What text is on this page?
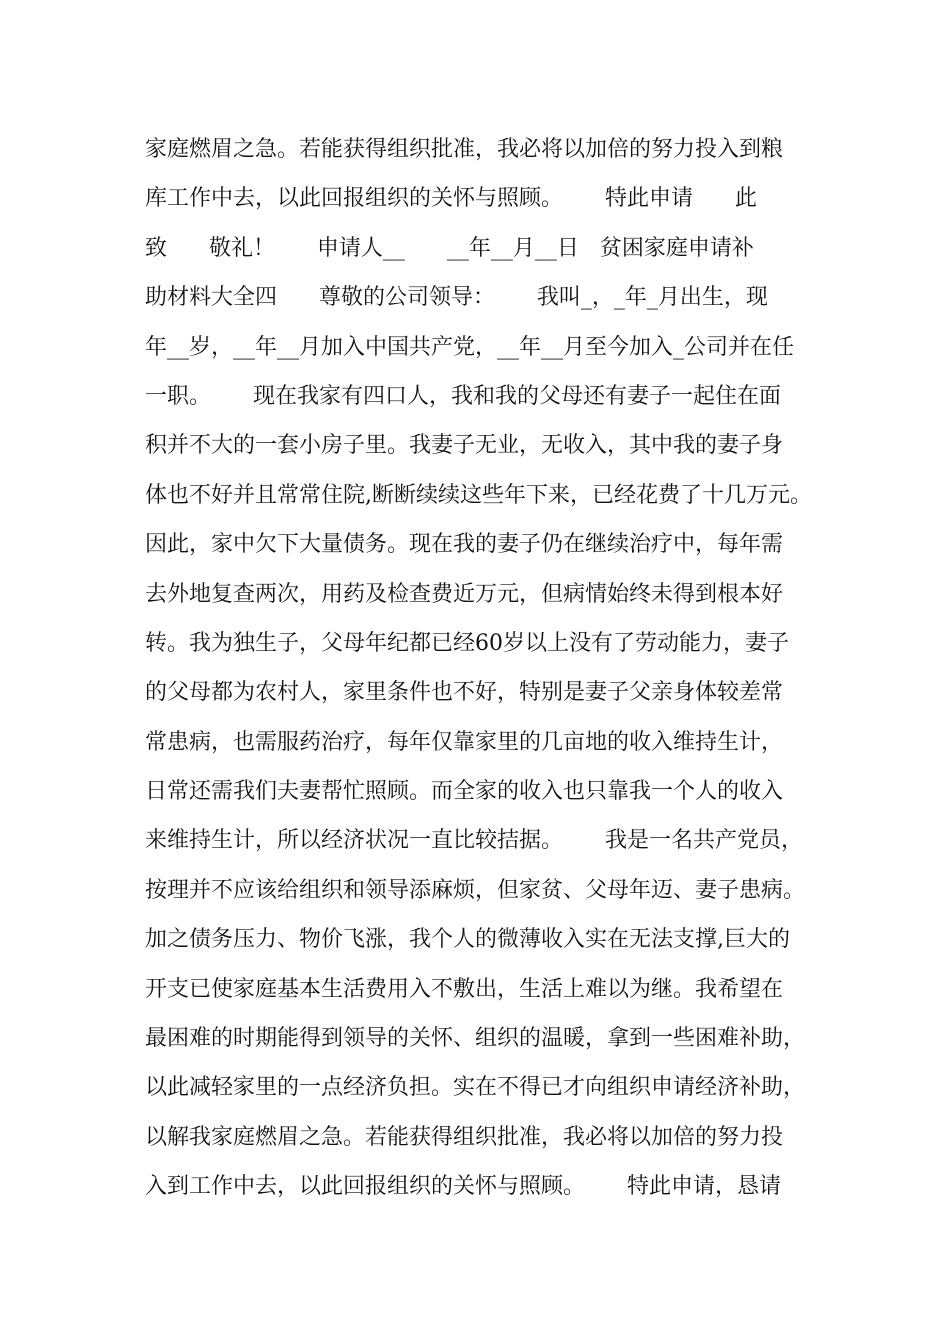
家庭燃眉之急。若能获得组织批准，我必将以加倍的努力投入到粮
库工作中去，以此回报组织的关怀与照顾。      特此申请      此
致      敬礼！      申请人__      __年__月__日   贫困家庭申请补
助材料大全四      尊敬的公司领导：      我叫_，_年_月出生，现
年__岁，__年__月加入中国共产党，__年__月至今加入_公司并在任
一职。      现在我家有四口人，我和我的父母还有妻子一起住在面
积并不大的一套小房子里。我妻子无业，无收入，其中我的妻子身
体也不好并且常常住院,断断续续这些年下来，已经花费了十几万元。
因此，家中欠下大量债务。现在我的妻子仍在继续治疗中，每年需
去外地复查两次，用药及检查费近万元，但病情始终未得到根本好
转。我为独生子，父母年纪都已经60岁以上没有了劳动能力，妻子
的父母都为农村人，家里条件也不好，特别是妻子父亲身体较差常
常患病，也需服药治疗，每年仅靠家里的几亩地的收入维持生计，
日常还需我们夫妻帮忙照顾。而全家的收入也只靠我一个人的收入
来维持生计，所以经济状况一直比较拮据。      我是一名共产党员，
按理并不应该给组织和领导添麻烦，但家贫、父母年迈、妻子患病。
加之债务压力、物价飞涨，我个人的微薄收入实在无法支撑,巨大的
开支已使家庭基本生活费用入不敷出，生活上难以为继。我希望在
最困难的时期能得到领导的关怀、组织的温暖，拿到一些困难补助，
以此减轻家里的一点经济负担。实在不得已才向组织申请经济补助，
以解我家庭燃眉之急。若能获得组织批准，我必将以加倍的努力投
入到工作中去，以此回报组织的关怀与照顾。      特此申请，恳请
